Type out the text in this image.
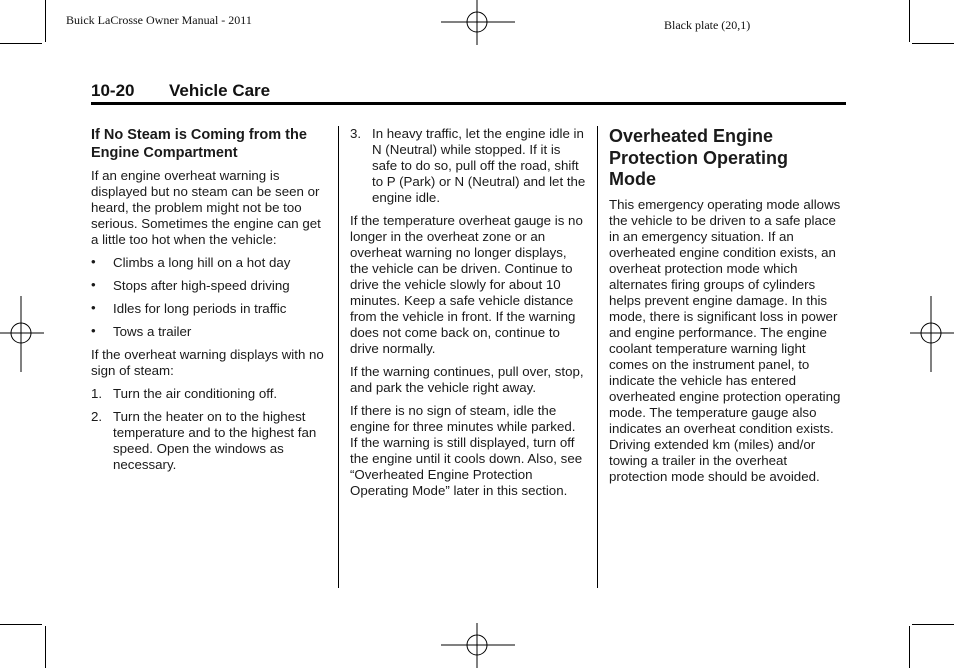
Buick LaCrosse Owner Manual - 2011	Black plate (20,1)
10-20 Vehicle Care
If No Steam is Coming from the Engine Compartment

If an engine overheat warning is displayed but no steam can be seen or heard, the problem might not be too serious. Sometimes the engine can get a little too hot when the vehicle:

• Climbs a long hill on a hot day
• Stops after high-speed driving
• Idles for long periods in traffic
• Tows a trailer

If the overheat warning displays with no sign of steam:

1. Turn the air conditioning off.
2. Turn the heater on to the highest temperature and to the highest fan speed. Open the windows as necessary.
3. In heavy traffic, let the engine idle in N (Neutral) while stopped. If it is safe to do so, pull off the road, shift to P (Park) or N (Neutral) and let the engine idle.

If the temperature overheat gauge is no longer in the overheat zone or an overheat warning no longer displays, the vehicle can be driven. Continue to drive the vehicle slowly for about 10 minutes. Keep a safe vehicle distance from the vehicle in front. If the warning does not come back on, continue to drive normally.

If the warning continues, pull over, stop, and park the vehicle right away.

If there is no sign of steam, idle the engine for three minutes while parked. If the warning is still displayed, turn off the engine until it cools down. Also, see “Overheated Engine Protection Operating Mode” later in this section.

Overheated Engine Protection Operating Mode

This emergency operating mode allows the vehicle to be driven to a safe place in an emergency situation. If an overheated engine condition exists, an overheat protection mode which alternates firing groups of cylinders helps prevent engine damage. In this mode, there is significant loss in power and engine performance. The engine coolant temperature warning light comes on the instrument panel, to indicate the vehicle has entered overheated engine protection operating mode. The temperature gauge also indicates an overheat condition exists. Driving extended km (miles) and/or towing a trailer in the overheat protection mode should be avoided.
